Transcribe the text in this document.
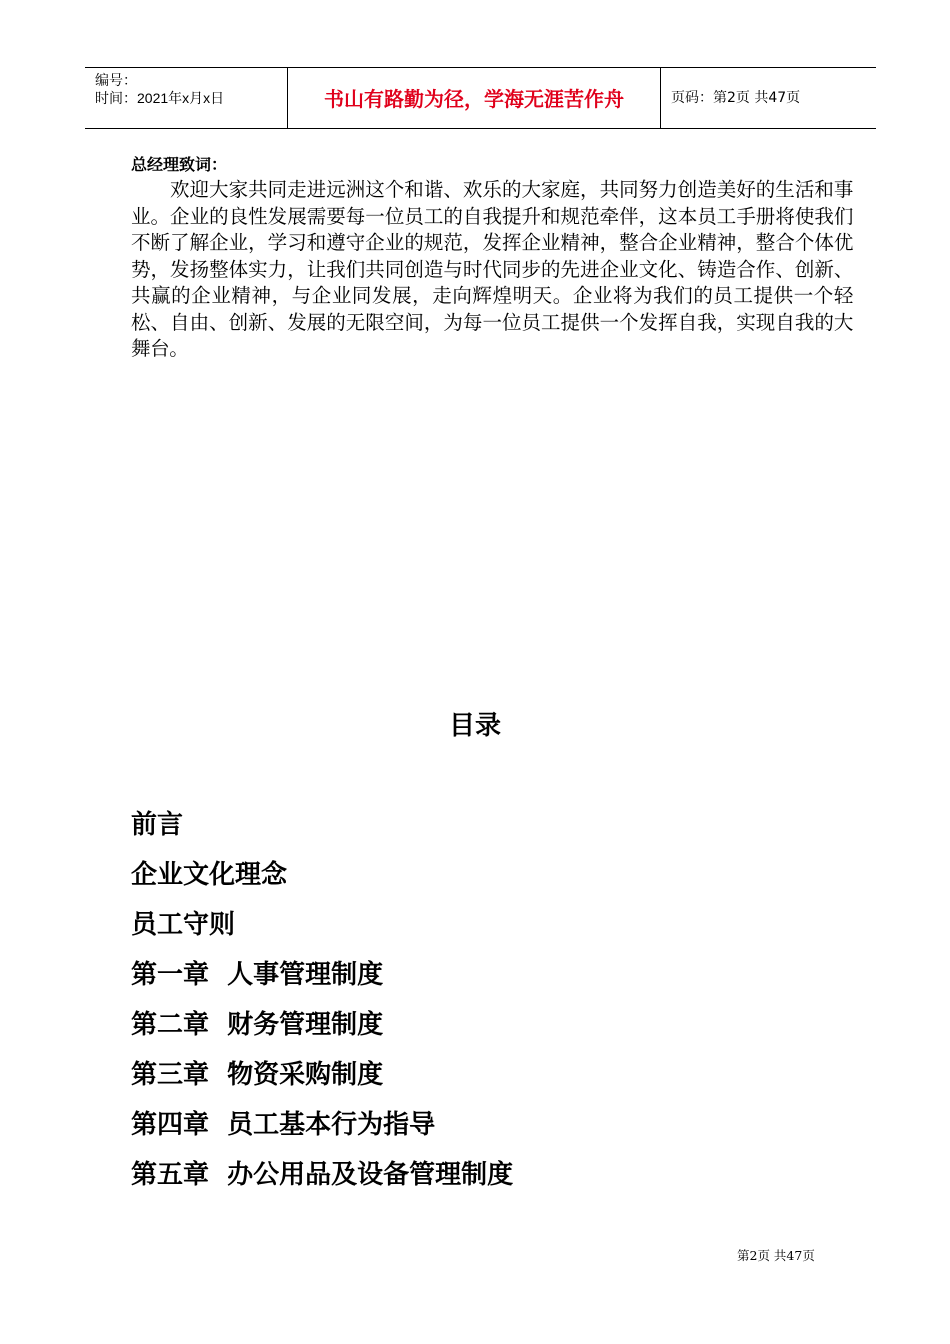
编号：
时间：2021年x月x日	书山有路勤为径，学海无涯苦作舟	页码：第2页 共47页
总经理致词：
欢迎大家共同走进远洲这个和谐、欢乐的大家庭，共同努力创造美好的生活和事业。企业的良性发展需要每一位员工的自我提升和规范牵伴，这本员工手册将使我们不断了解企业，学习和遵守企业的规范，发挥企业精神，整合企业精神，整合个体优势，发扬整体实力，让我们共同创造与时代同步的先进企业文化、铸造合作、创新、共赢的企业精神，与企业同发展，走向辉煌明天。企业将为我们的员工提供一个轻松、自由、创新、发展的无限空间，为每一位员工提供一个发挥自我，实现自我的大舞台。
目录
前言
企业文化理念
员工守则
第一章  人事管理制度
第二章  财务管理制度
第三章  物资采购制度
第四章  员工基本行为指导
第五章  办公用品及设备管理制度
第2页 共47页
